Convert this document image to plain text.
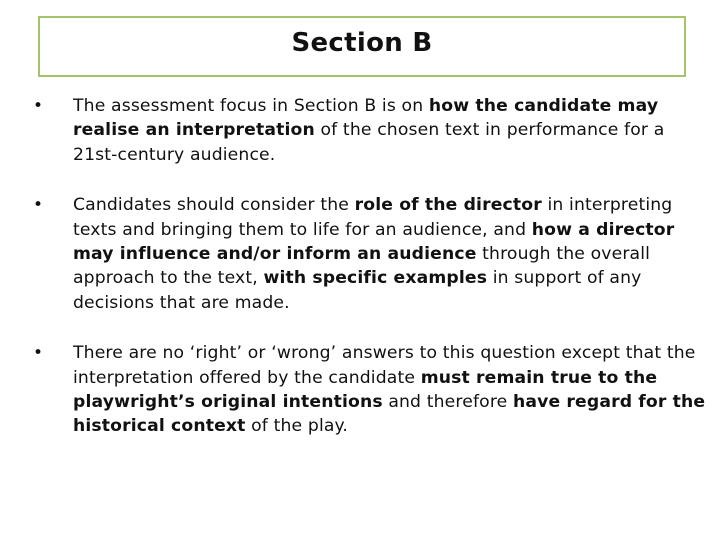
Section B
• The assessment focus in Section B is on how the candidate may realise an interpretation of the chosen text in performance for a 21st-century audience.
• Candidates should consider the role of the director in interpreting texts and bringing them to life for an audience, and how a director may influence and/or inform an audience through the overall approach to the text, with specific examples in support of any decisions that are made.
• There are no ‘right’ or ‘wrong’ answers to this question except that the interpretation offered by the candidate must remain true to the playwright’s original intentions and therefore have regard for the historical context of the play.
